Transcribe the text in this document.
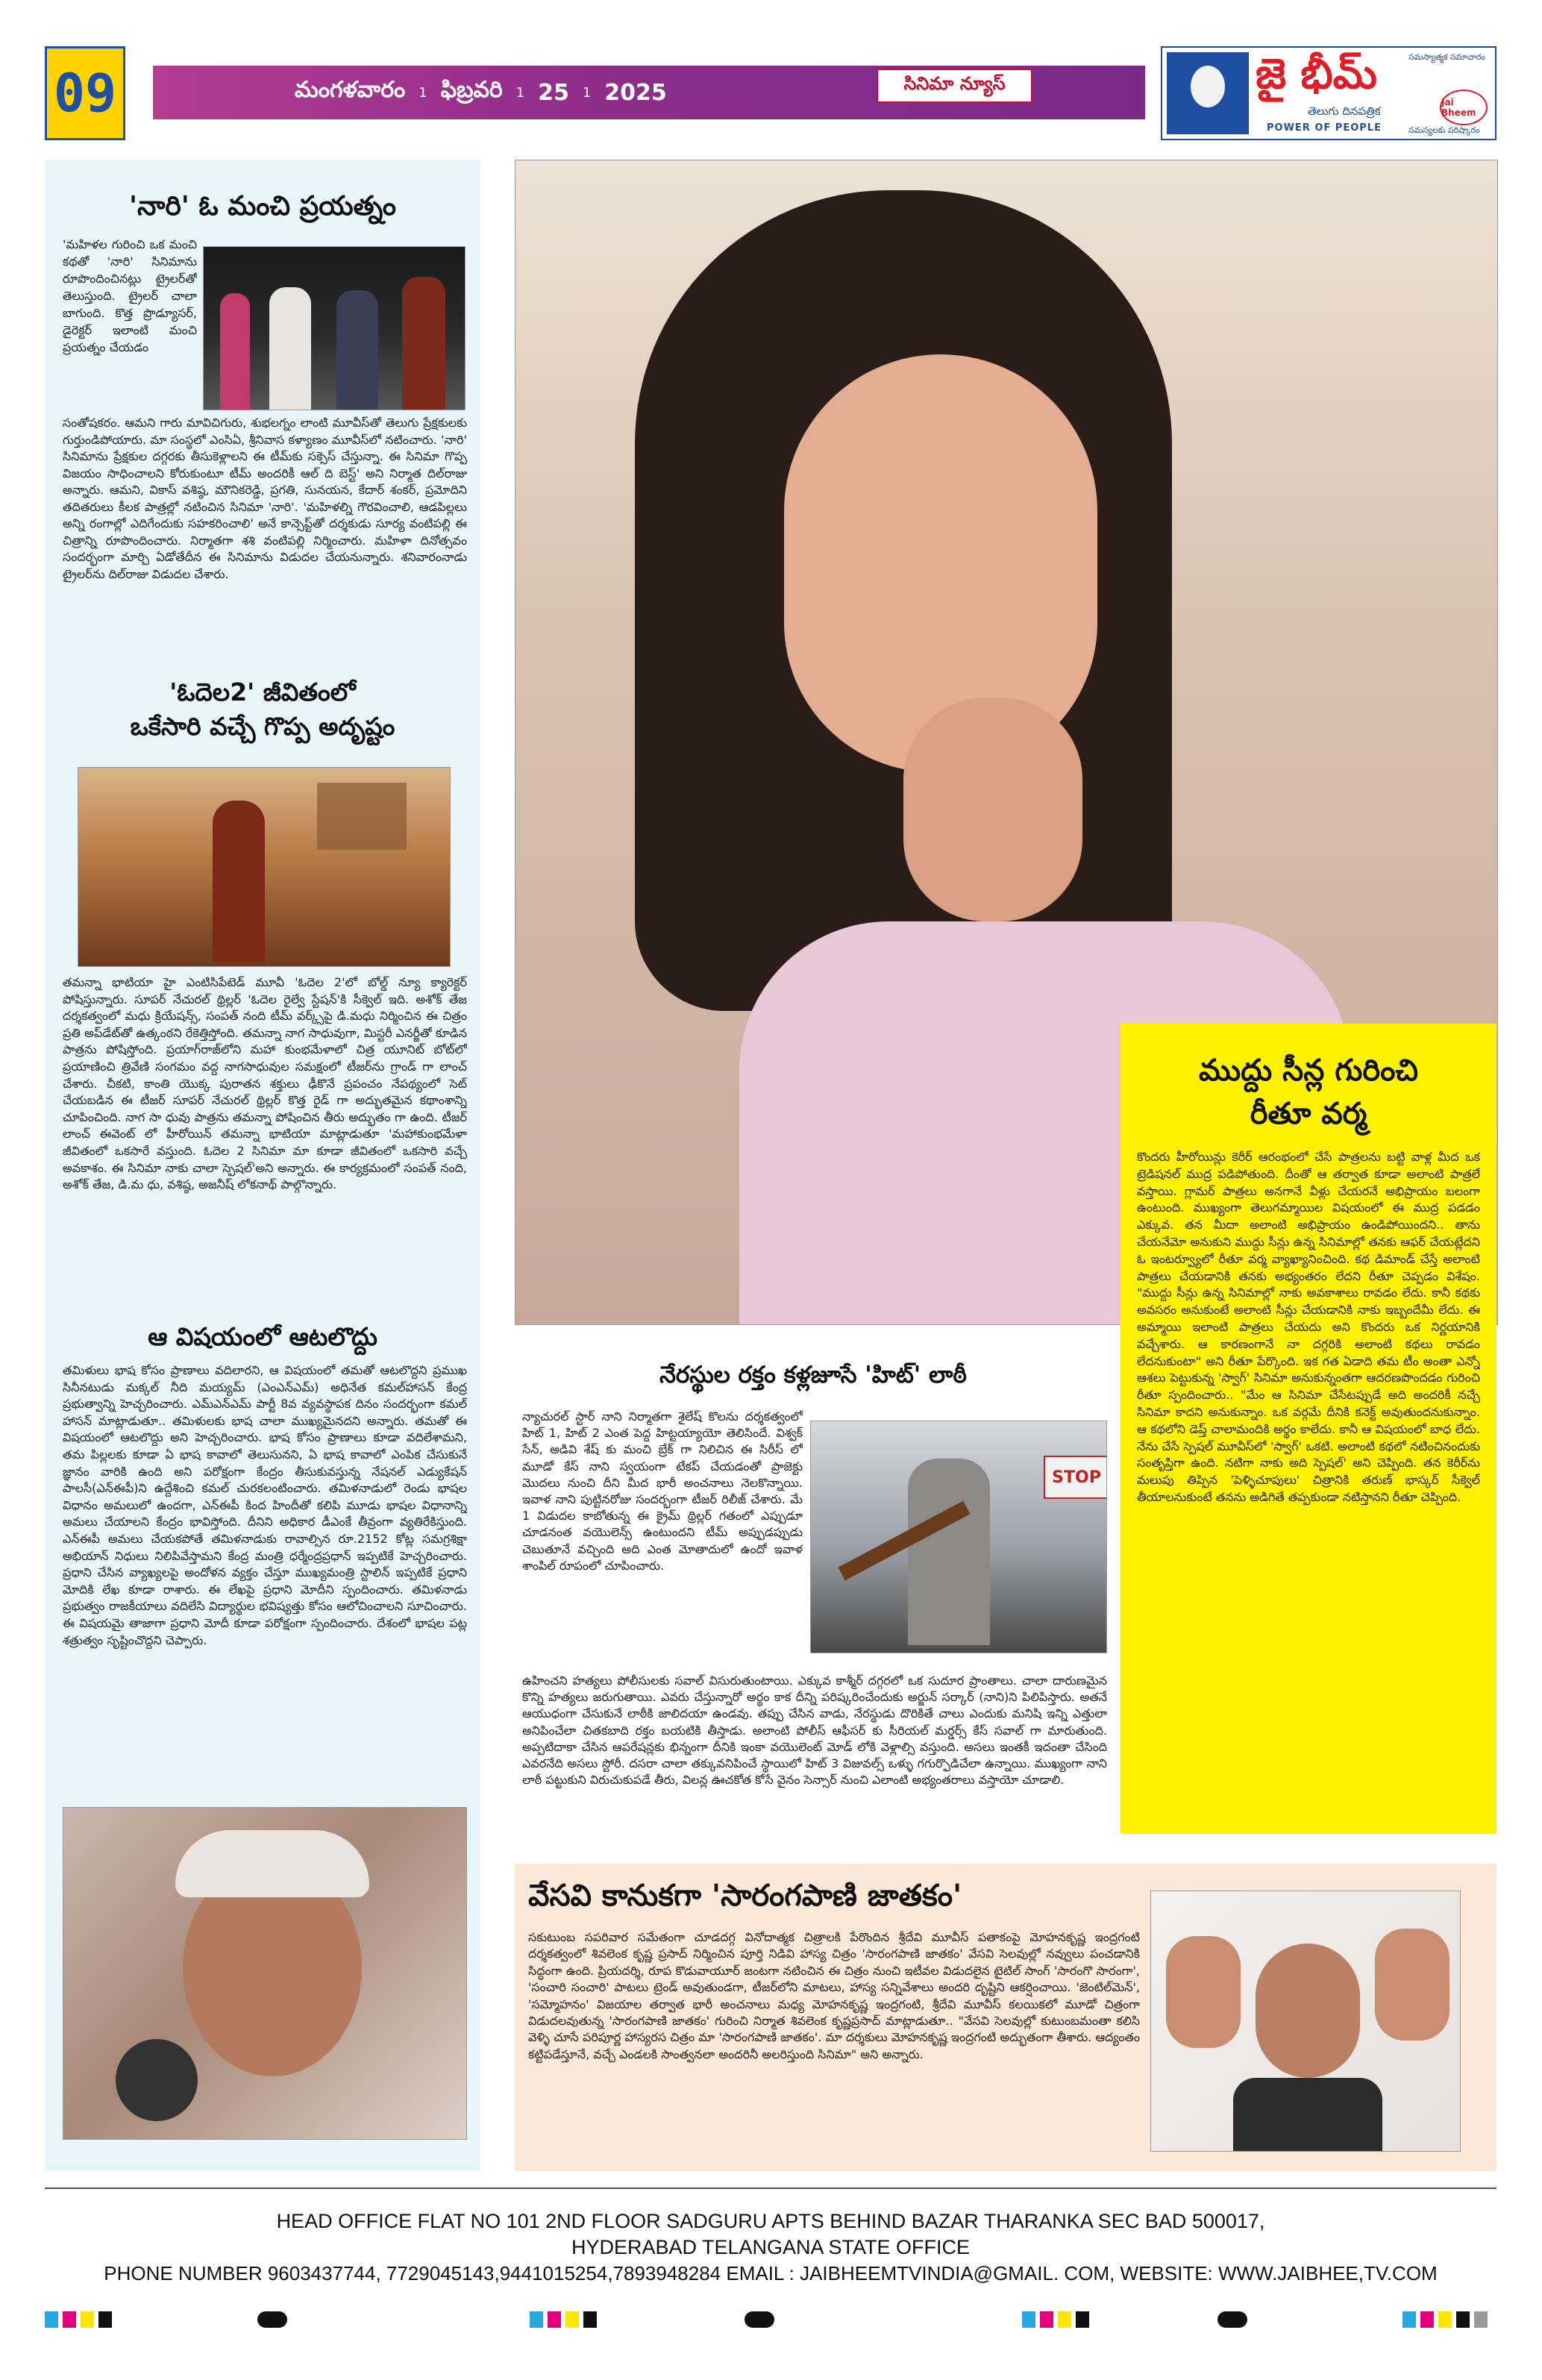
09	మంగళవారం 1 ఫిబ్రవరి 1 25 1 2025	సినిమా న్యూస్	జై భీమ్
తెలుగు దినపత్రిక
POWER OF PEOPLE
సమస్యాత్మక సమాచారం
Jai Bheem
సమస్యలకు పరిష్కారం
'నారి' ఓ మంచి ప్రయత్నం
'మహిళల గురించి ఒక మంచి కథతో 'నారి' సినిమాను రూపొందించినట్లు ట్రైలర్‌తో తెలుస్తుంది. ట్రైలర్ చాలా బాగుంది. కొత్త ప్రొడ్యూసర్, డైరెక్టర్ ఇలాంటి మంచి ప్రయత్నం చేయడం
సంతోషకరం. ఆమని గారు మావిచిగురు, శుభలగ్నం లాంటి మూవీస్‌తో తెలుగు ప్రేక్షకులకు గుర్తుండిపోయారు. మా సంస్థలో ఎంసిఏ, శ్రీనివాస కళ్యాణం మూవీస్‌లో నటించారు. 'నారి' సినిమాను ప్రేక్షకుల దగ్గరకు తీసుకెళ్లాలని ఈ టీమ్‌కు సక్సెస్ చేస్తున్నా. ఈ సినిమా గొప్ప విజయం సాధించాలని కోరుకుంటూ టీమ్ అందరికీ ఆల్ ది బెస్ట్' అని నిర్మాత దిల్‌రాజు అన్నారు. ఆమని, వికాస్ వశిష్ఠ, మౌనికరెడ్డి, ప్రగతి, సునయన, కేదార్ శంకర్, ప్రమోదిని తదితరులు కీలక పాత్రల్లో నటించిన సినిమా 'నారి'. 'మహిళల్ని గౌరవించాలి, ఆడపిల్లలు అన్ని రంగాల్లో ఎదిగేందుకు సహకరించాలి' అనే కాన్సెప్ట్‌తో దర్శకుడు సూర్య వంటిపల్లి ఈ చిత్రాన్ని రూపొందించారు. నిర్మాతగా శశి వంటిపల్లి నిర్మించారు. మహిళా దినోత్సవం సందర్భంగా మార్చి ఏడోతేదీన ఈ సినిమాను విడుదల చేయనున్నారు. శనివారంనాడు ట్రైలర్‌ను దిల్‌రాజు విడుదల చేశారు.
'ఓదెల2' జీవితంలో
ఒకేసారి వచ్చే గొప్ప అదృష్టం
తమన్నా భాటియా హై ఎంటిసిపేటెడ్ మూవీ 'ఓదెల 2'లో బోల్డ్ న్యూ క్యారెక్టర్ పోషిస్తున్నారు. సూపర్ నేచురల్ థ్రిల్లర్ 'ఓదెల రైల్వే స్టేషన్'కి సీక్వెల్ ఇది. అశోక్ తేజ దర్శకత్వంలో మధు క్రియేషన్స్, సంపత్ నంది టీమ్ వర్క్స్‌పై డి.మధు నిర్మించిన ఈ చిత్రం ప్రతి అప్‌డేట్‌తో ఉత్కంఠని రేకెత్తిస్తోంది. తమన్నా నాగ సాధువుగా, మిస్టరీ ఎనర్జీతో కూడిన పాత్రను పోషిస్తోంది. ప్రయాగ్‌రాజ్‌లోని మహా కుంభమేళాలో చిత్ర యూనిట్ బోట్‌లో ప్రయాణించి త్రివేణి సంగమం వద్ద నాగసాధువుల సమక్షంలో టీజర్‌ను గ్రాండ్ గా లాంచ్ చేశారు. చీకటి, కాంతి యొక్క పురాతన శక్తులు ఢీకొనే ప్రపంచం నేపథ్యంలో సెట్ చేయబడిన ఈ టీజర్ సూపర్ నేచురల్ థ్రిల్లర్ కొత్త రైడ్ గా అద్భుతమైన కథాంశాన్ని చూపించింది. నాగ సా ధువు పాత్రను తమన్నా పోషించిన తీరు అద్భుతం గా ఉంది. టీజర్ లాంచ్ ఈవెంట్ లో హీరోయిన్ తమన్నా భాటియా మాట్లాడుతూ 'మహాకుంభమేళా జీవితంలో ఒకసారే వస్తుంది. ఓదెల 2 సినిమా మా కూడా జీవితంలో ఒకసారి వచ్చే అవకాశం. ఈ సినిమా నాకు చాలా స్పెషల్'అని అన్నారు. ఈ కార్యక్రమంలో సంపత్ నంది, అశోక్ తేజ, డి.మ ధు, వశిష్ఠ, అజనీష్ లోకనాథ్ పాల్గొన్నారు.
ఆ విషయంలో ఆటలొద్దు
తమిళులు భాష కోసం ప్రాణాలు వదిలారని, ఆ విషయంలో తమతో ఆటలొద్దని ప్రముఖ సినీనటుడు మక్కల్ నీది మయ్యమ్ (ఎంఎన్‌ఎమ్) అధినేత కమల్‌హాసన్ కేంద్ర ప్రభుత్వాన్ని హెచ్చరించారు. ఎమ్ఎన్ఎమ్ పార్టీ 8వ వ్యవస్థాపక దినం సందర్భంగా కమల్ హాసన్ మాట్లాడుతూ.. తమిళులకు భాష చాలా ముఖ్యమైనదని అన్నారు. తమతో ఈ విషయంలో ఆటలొద్దు అని హెచ్చరించారు. భాష కోసం ప్రాణాలు కూడా వదిలేశామని, తమ పిల్లలకు కూడా ఏ భాష కావాలో తెలుసునని, ఏ భాష కావాలో ఎంపిక చేసుకునే జ్ఞానం వారికి ఉంది అని పరోక్షంగా కేంద్రం తీసుకువస్తున్న నేషనల్ ఎడ్యుకేషన్ పాలసీ(ఎన్ఈపీ)ని ఉద్దేశించి కమల్ చురకలంటించారు. తమిళనాడులో రెండు భాషల విధానం అమలులో ఉందగా, ఎన్ఈపీ కింద హిందీతో కలిపి మూడు భాషల విధానాన్ని అమలు చేయాలని కేంద్రం భావిస్తోంది. దీనిని అధికార డీఎంకే తీవ్రంగా వ్యతిరేకిస్తుంది. ఎన్ఈపీ అమలు చేయకపోతే తమిళనాడుకు రావాల్సిన రూ.2152 కోట్ల సమగ్రశిక్షా అభియాన్ నిధులు నిలిపివేస్తామని కేంద్ర మంత్రి ధర్మేంద్రప్రధాన్ ఇప్పటికే హెచ్చరించారు. ప్రధాని చేసిన వ్యాఖ్యలపై అందోళన వ్యక్తం చేస్తూ ముఖ్యమంత్రి స్టాలిన్ ఇప్పటికే ప్రధాని మోదికి లేఖ కూడా రాశారు. ఈ లేఖపై ప్రధాని మోదీని స్పందించారు. తమిళనాడు ప్రభుత్వం రాజకీయాలు వదిలేసి విద్యార్థుల భవిష్యత్తు కోసం ఆలోచించాలని సూచించారు. ఈ విషయమై తాజాగా ప్రధాని మోదీ కూడా పరోక్షంగా స్పందించారు. దేశంలో భాషల పట్ల శత్రుత్వం సృష్టించొద్దని చెప్పారు.
ముద్దు సీన్ల గురించి
రీతూ వర్మ
కొందరు హీరోయిన్లు కెరీర్ ఆరంభంలో చేసే పాత్రలను బట్టి వాళ్ల మీద ఒక ట్రెడిషనల్ ముద్ర పడిపోతుంది. దీంతో ఆ తర్వాత కూడా అలాంటి పాత్రలే వస్తాయి. గ్లామర్ పాత్రలు అనగానే వీళ్లు చేయరనే అభిప్రాయం బలంగా ఉంటుంది. ముఖ్యంగా తెలుగమ్మాయిల విషయంలో ఈ ముద్ర పడడం ఎక్కువ. తన మీదా అలాంటి అభిప్రాయం ఉండిపోయిందని.. తాను చేయనేమో అనుకుని ముద్దు సీన్లు ఉన్న సినిమాల్లో తనకు ఆఫర్ చేయట్లేదని ఓ ఇంటర్వ్యూలో రీతూ వర్మ వ్యాఖ్యానించింది. కథ డిమాండ్ చేస్తే అలాంటి పాత్రలు చేయడానికి తనకు అభ్యంతరం లేదని రీతూ చెప్పడం విశేషం. "ముద్దు సీన్లు ఉన్న సినిమాల్లో నాకు అవకాశాలు రావడం లేదు. కానీ కథకు అవసరం అనుకుంటే అలాంటి సీన్లు చేయడానికి నాకు ఇబ్బందేమీ లేదు. ఈ అమ్మాయి ఇలాంటి పాత్రలు చేయదు అని కొందరు ఒక నిర్ణయానికి వచ్చేశారు. ఆ కారణంగానే నా దగ్గరికి అలాంటి కథలు రావడం లేదనుకుంటా" అని రీతూ పేర్కొంది. ఇక గత ఏడాది తమ టీం అంతా ఎన్నో ఆశలు పెట్టుకున్న 'స్వాగ్' సినిమా అనుకున్నంతగా ఆదరణపొందడం గురించి రీతూ స్పందించారు.. "మేం ఆ సినిమా చేసేటప్పుడే అది అందరికీ నచ్చే సినిమా కాదని అనుకున్నాం. ఒక వర్గమే దీనికి కనెక్ట్ అవుతుందనుకున్నాం. ఆ కథలోని డెప్త్ చాలామందికి అర్థం కాలేదు. కానీ ఆ విషయంలో బాధ లేదు. నేను చేసే స్పెషల్ మూవీస్‌లో 'స్వాగ్' ఒకటి. అలాంటి కథలో నటించినందుకు సంతృప్తిగా ఉంది. నటిగా నాకు అది స్పెషల్' అని చెప్పింది. తన కెరీర్‌ను మలుపు తిప్పిన 'పెళ్ళిచూపులు' చిత్రానికి తరుణ్ భాస్కర్ సీక్వెల్ తీయాలనుకుంటే తనను అడిగితే తప్పకుండా నటిస్తానని రీతూ చెప్పింది.
నేరస్థుల రక్తం కళ్లజూసే 'హిట్' లాఠీ
న్యాచురల్ స్టార్ నాని నిర్మాతగా శైలేష్ కొలను దర్శకత్వంలో హిట్ 1, హిట్ 2 ఎంత పెద్ద హిట్టయ్యాయో తెలిసిందే. విశ్వక్ సేన్, అడివి శేష్ కు మంచి బ్రేక్ గా నిలిచిన ఈ సిరీస్ లో మూడో కేస్ నాని స్వయంగా టేకప్ చేయడంతో ప్రాజెక్టు మొదలు నుంచి దీని మీద భారీ అంచనాలు నెలకొన్నాయి. ఇవాళ నాని పుట్టినరోజు సందర్భంగా టీజర్ రిలీజ్ చేశారు. మే 1 విడుదల కాబోతున్న ఈ క్రైమ్ థ్రిల్లర్ గతంలో ఎప్పుడూ చూడనంత వయొలెన్స్ ఉంటుందని టీమ్ అప్పుడప్పుడు చెబుతూనే వచ్చింది అది ఎంత మోతాదులో ఉందో ఇవాళ శాంపిల్ రూపంలో చూపించారు.
STOP
ఉహించని హత్యలు పోలీసులకు సవాల్ విసురుతుంటాయి. ఎక్కువ కాశ్మీర్ దగ్గరలో ఒక సుదూర ప్రాంతాలు. చాలా దారుణమైన కొన్ని హత్యలు జరుగుతాయి. ఎవరు చేస్తున్నారో అర్థం కాక దీన్ని పరిష్కరించేందుకు అర్జున్ సర్కార్ (నాని)ని పిలిపిస్తారు. అతనే ఆయుధంగా చేసుకునే లాఠీకి జాలిదయా ఉండవు. తప్పు చేసిన వాడు, నేరస్థుడు దొరికితే చాలు ఎందుకు మనిషి ఇన్ని ఎత్తులా అనిపించేలా చితకబాది రక్తం బయటికి తీస్తాడు. అలాంటి పోలీస్ ఆఫీసర్ కు సీరియల్ మర్డర్స్ కేస్ సవాల్ గా మారుతుంది. అప్పటిదాకా చేసిన ఆపరేషన్లకు భిన్నంగా దీనికి ఇంకా వయొలెంట్ మోడ్ లోకి వెళ్లాల్సి వస్తుంది. అసలు ఇంతకీ ఇదంతా చేసింది ఎవరనేది అసలు స్టోరీ. దసరా చాలా తక్కువనిపించే స్థాయిలో హిట్ 3 విజువల్స్ ఒళ్ళు గగుర్పొడిచేలా ఉన్నాయి. ముఖ్యంగా నాని లాఠీ పట్టుకుని విరుచుకుపడే తీరు, విలన్ల ఊచకోత కోసే వైనం సెన్సార్ నుంచి ఎలాంటి అభ్యంతరాలు వస్తాయో చూడాలి.
వేసవి కానుకగా 'సారంగపాణి జాతకం'
సకుటుంబ సపరివార సమేతంగా చూడదగ్గ వినోదాత్మక చిత్రాలకి పేరొందిన శ్రీదేవి మూవీస్ పతాకంపై మోహనకృష్ణ ఇంద్రగంటి దర్శకత్వంలో శివలెంక కృష్ణ ప్రసాద్ నిర్మించిన పూర్తి నిడివి హాస్య చిత్రం 'సారంగపాణి జాతకం' వేసవి సెలవుల్లో నవ్వులు పంచడానికి సిద్ధంగా ఉంది. ప్రియదర్శి, రూప కొడువాయూర్ జంటగా నటించిన ఈ చిత్రం నుంచి ఇటీవల విడుదలైన టైటిల్ సాంగ్ 'సారంగొ సారంగా', 'సంచారి సంచారి' పాటలు ట్రెండ్ అవుతుండగా, టీజర్‌లోని మాటలు, హాస్య సన్నివేశాలు అందరి దృష్టిని ఆకర్షించాయి. 'జెంటిల్‌మెన్', 'సమ్మోహనం' విజయాల తర్వాత భారీ అంచనాలు మధ్య మోహనకృష్ణ ఇంద్రగంటి, శ్రీదేవి మూవీస్ కలయికలో మూడో చిత్రంగా విడుదలవుతున్న 'సారంగపాణి జాతకం' గురించి నిర్మాత శివలెంక కృష్ణప్రసాద్ మాట్లాడుతూ.. "వేసవి సెలవుల్లో కుటుంబమంతా కలిసి వెళ్ళి చూసే పరిపూర్ణ హాస్యరస చిత్రం మా 'సారంగపాణి జాతకం'. మా దర్శకులు మోహనకృష్ణ ఇంద్రగంటి అద్భుతంగా తీశారు. ఆద్యంతం కట్టిపడేస్తూనే, వచ్చే ఎండలకి సాంత్వనలా అందరినీ అలరిస్తుంది సినిమా" అని అన్నారు.
HEAD OFFICE FLAT NO 101 2ND FLOOR SADGURU APTS BEHIND BAZAR THARANKA SEC BAD 500017,
HYDERABAD TELANGANA STATE OFFICE
PHONE NUMBER 9603437744, 7729045143,9441015254,7893948284 EMAIL : JAIBHEEMTVINDIA@GMAIL. COM, WEBSITE: WWW.JAIBHEE,TV.COM
